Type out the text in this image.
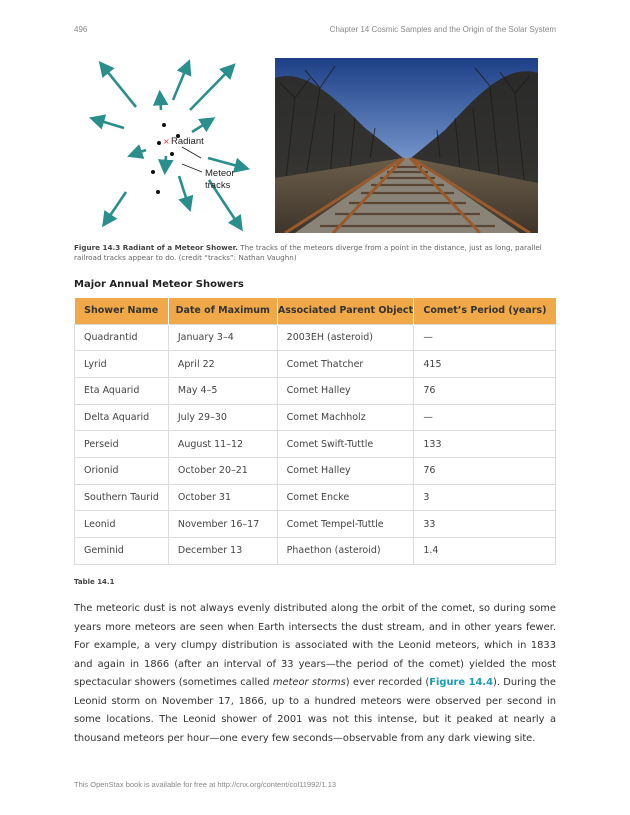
496	Chapter 14 Cosmic Samples and the Origin of the Solar System
× Radiant
Meteor
tracks
Figure 14.3 Radiant of a Meteor Shower. The tracks of the meteors diverge from a point in the distance, just as long, parallel railroad tracks appear to do. (credit “tracks”: Nathan Vaughn)
Major Annual Meteor Showers
Shower Name	Date of Maximum	Associated Parent Object	Comet’s Period (years)
Quadrantid	January 3–4	2003EH (asteroid)	—
Lyrid	April 22	Comet Thatcher	415
Eta Aquarid	May 4–5	Comet Halley	76
Delta Aquarid	July 29–30	Comet Machholz	—
Perseid	August 11–12	Comet Swift-Tuttle	133
Orionid	October 20–21	Comet Halley	76
Southern Taurid	October 31	Comet Encke	3
Leonid	November 16–17	Comet Tempel-Tuttle	33
Geminid	December 13	Phaethon (asteroid)	1.4
Table 14.1

The meteoric dust is not always evenly distributed along the orbit of the comet, so during some years more meteors are seen when Earth intersects the dust stream, and in other years fewer. For example, a very clumpy distribution is associated with the Leonid meteors, which in 1833 and again in 1866 (after an interval of 33 years—the period of the comet) yielded the most spectacular showers (sometimes called meteor storms) ever recorded (Figure 14.4). During the Leonid storm on November 17, 1866, up to a hundred meteors were observed per second in some locations. The Leonid shower of 2001 was not this intense, but it peaked at nearly a thousand meteors per hour—one every few seconds—observable from any dark viewing site.

This OpenStax book is available for free at http://cnx.org/content/col11992/1.13
